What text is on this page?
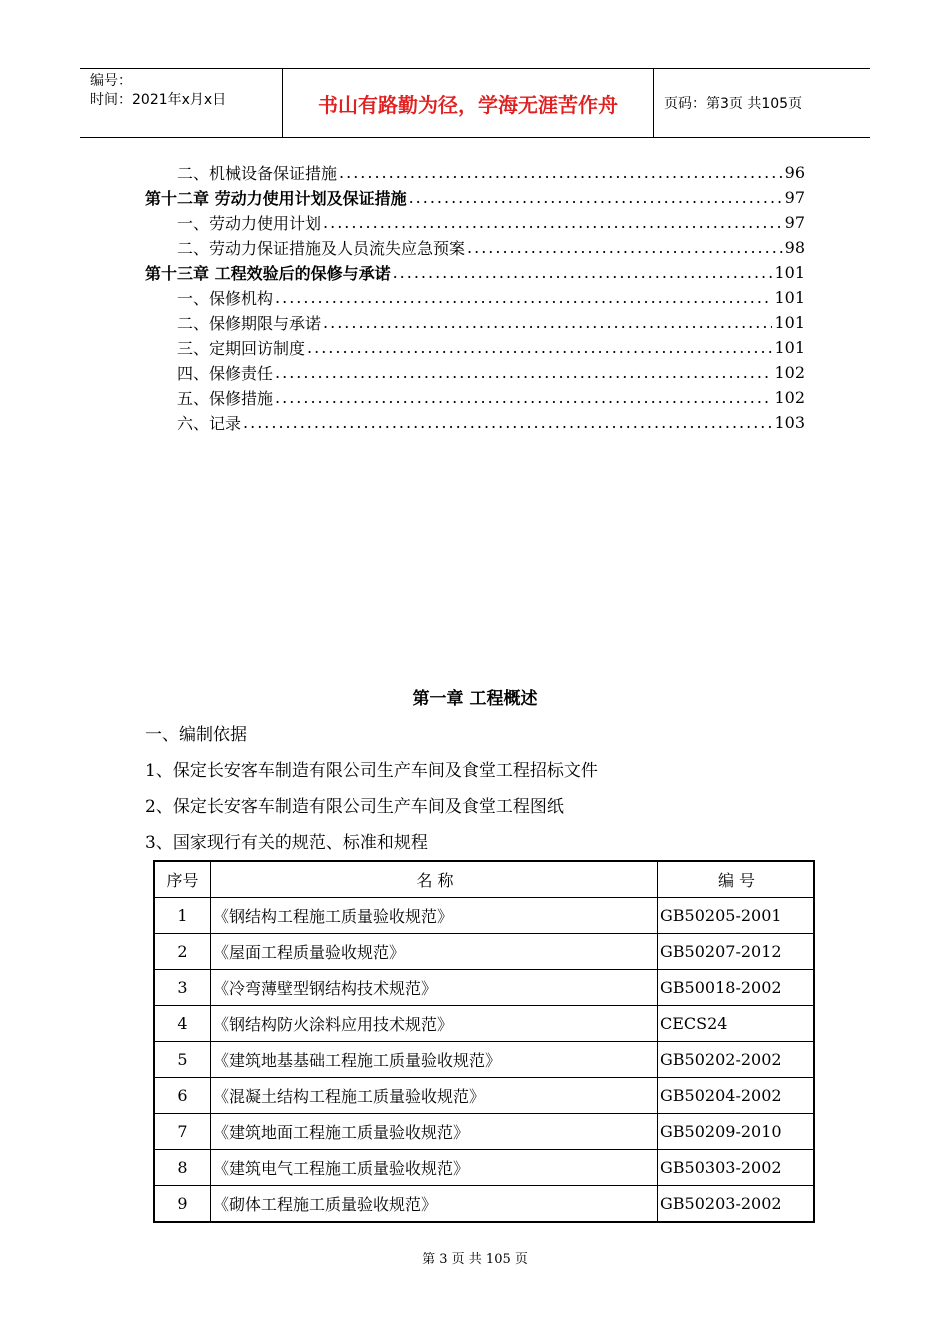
编号：
时间：2021年x月x日	书山有路勤为径，学海无涯苦作舟	页码：第3页 共105页
二、机械设备保证措施 .....	96
第十二章 劳动力使用计划及保证措施 .....	97
一、劳动力使用计划 .....	97
二、劳动力保证措施及人员流失应急预案 .....	98
第十三章 工程效验后的保修与承诺 .....	101
一、保修机构 .....	101
二、保修期限与承诺 .....	101
三、定期回访制度 .....	101
四、保修责任 .....	102
五、保修措施 .....	102
六、记录 .....	103
第一章 工程概述
一、编制依据
1、保定长安客车制造有限公司生产车间及食堂工程招标文件
2、保定长安客车制造有限公司生产车间及食堂工程图纸
3、国家现行有关的规范、标准和规程
序号	名 称	编 号
1	《钢结构工程施工质量验收规范》	GB50205-2001
2	《屋面工程质量验收规范》	GB50207-2012
3	《冷弯薄壁型钢结构技术规范》	GB50018-2002
4	《钢结构防火涂料应用技术规范》	CECS24
5	《建筑地基基础工程施工质量验收规范》	GB50202-2002
6	《混凝土结构工程施工质量验收规范》	GB50204-2002
7	《建筑地面工程施工质量验收规范》	GB50209-2010
8	《建筑电气工程施工质量验收规范》	GB50303-2002
9	《砌体工程施工质量验收规范》	GB50203-2002
第 3 页 共 105 页
